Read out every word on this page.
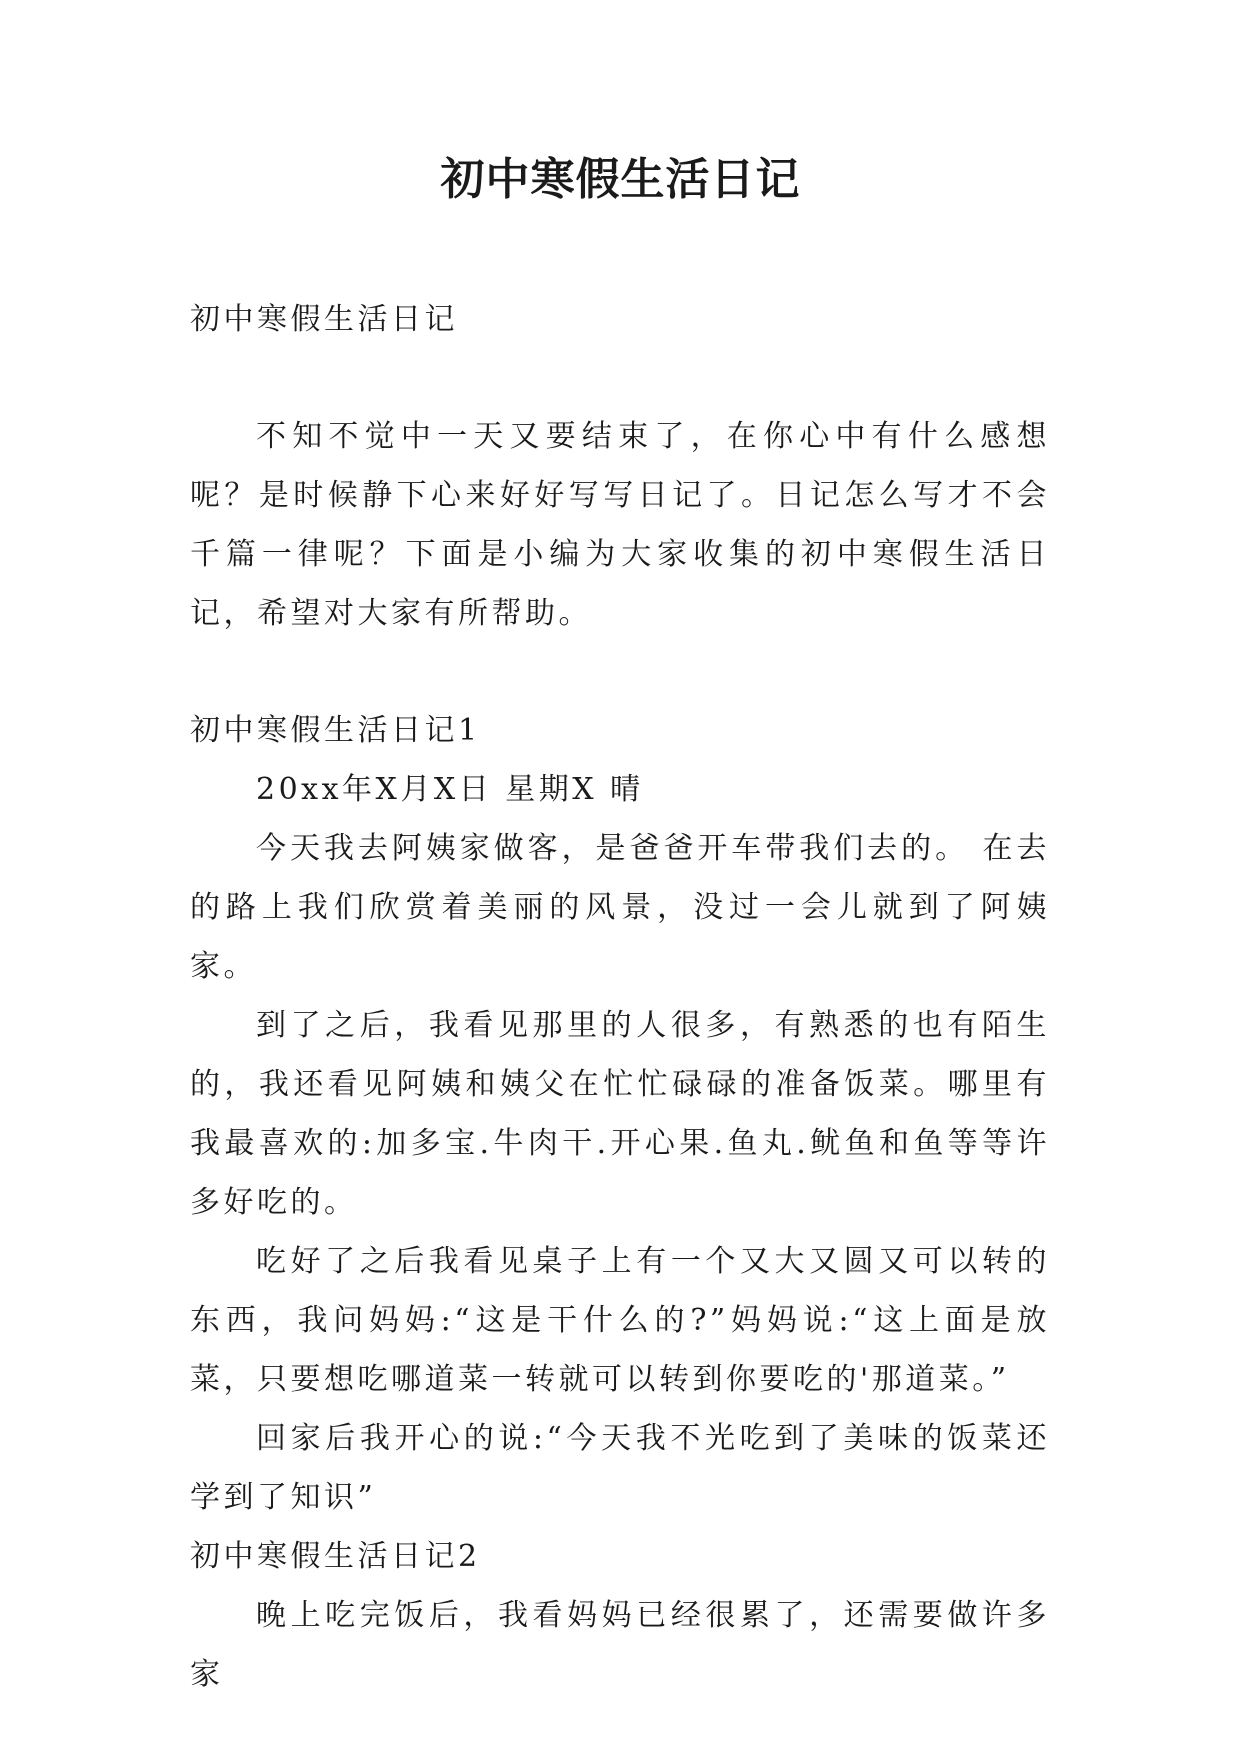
初中寒假生活日记

初中寒假生活日记

不知不觉中一天又要结束了，在你心中有什么感想呢？是时候静下心来好好写写日记了。日记怎么写才不会千篇一律呢？下面是小编为大家收集的初中寒假生活日记，希望对大家有所帮助。

初中寒假生活日记1

20xx年X月X日 星期X 晴

今天我去阿姨家做客，是爸爸开车带我们去的。 在去的路上我们欣赏着美丽的风景，没过一会儿就到了阿姨家。

到了之后，我看见那里的人很多，有熟悉的也有陌生的，我还看见阿姨和姨父在忙忙碌碌的准备饭菜。哪里有我最喜欢的:加多宝.牛肉干.开心果.鱼丸.鱿鱼和鱼等等许多好吃的。

吃好了之后我看见桌子上有一个又大又圆又可以转的东西，我问妈妈:“这是干什么的?”妈妈说:“这上面是放菜，只要想吃哪道菜一转就可以转到你要吃的'那道菜。”

回家后我开心的说:“今天我不光吃到了美味的饭菜还学到了知识”

初中寒假生活日记2

晚上吃完饭后，我看妈妈已经很累了，还需要做许多家
